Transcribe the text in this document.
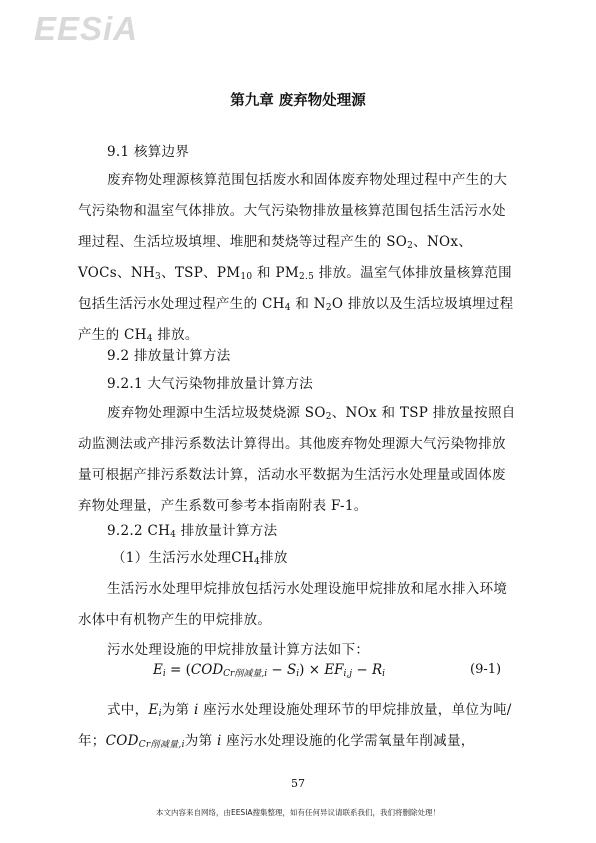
EESiA
第九章 废弃物处理源
9.1 核算边界
废弃物处理源核算范围包括废水和固体废弃物处理过程中产生的大气污染物和温室气体排放。大气污染物排放量核算范围包括生活污水处理过程、生活垃圾填埋、堆肥和焚烧等过程产生的 $SO_2$、NOx、VOCs、$NH_3$、TSP、$PM_{10}$ 和 $PM_{2.5}$ 排放。温室气体排放量核算范围包括生活污水处理过程产生的 $CH_4$ 和 $N_2O$ 排放以及生活垃圾填埋过程产生的 $CH_4$ 排放。
9.2 排放量计算方法
9.2.1 大气污染物排放量计算方法
废弃物处理源中生活垃圾焚烧源 $SO_2$、NOx 和 TSP 排放量按照自动监测法或产排污系数法计算得出。其他废弃物处理源大气污染物排放量可根据产排污系数法计算，活动水平数据为生活污水处理量或固体废弃物处理量，产生系数可参考本指南附表 F-1。
9.2.2 $CH_4$ 排放量计算方法
（1）生活污水处理$CH_4$排放
生活污水处理甲烷排放包括污水处理设施甲烷排放和尾水排入环境水体中有机物产生的甲烷排放。
污水处理设施的甲烷排放量计算方法如下：
$E_i = (COD_{Cr削减量,i} - S_i) \times EF_{i,j} - R_i$	(9-1)
式中，$E_i$为第 i 座污水处理设施处理环节的甲烷排放量，单位为吨/年；$COD_{Cr削减量,i}$为第 i 座污水处理设施的化学需氧量年削减量，
57
本文内容来自网络，由EESIA搜集整理，如有任何异议请联系我们，我们将删除处理！
